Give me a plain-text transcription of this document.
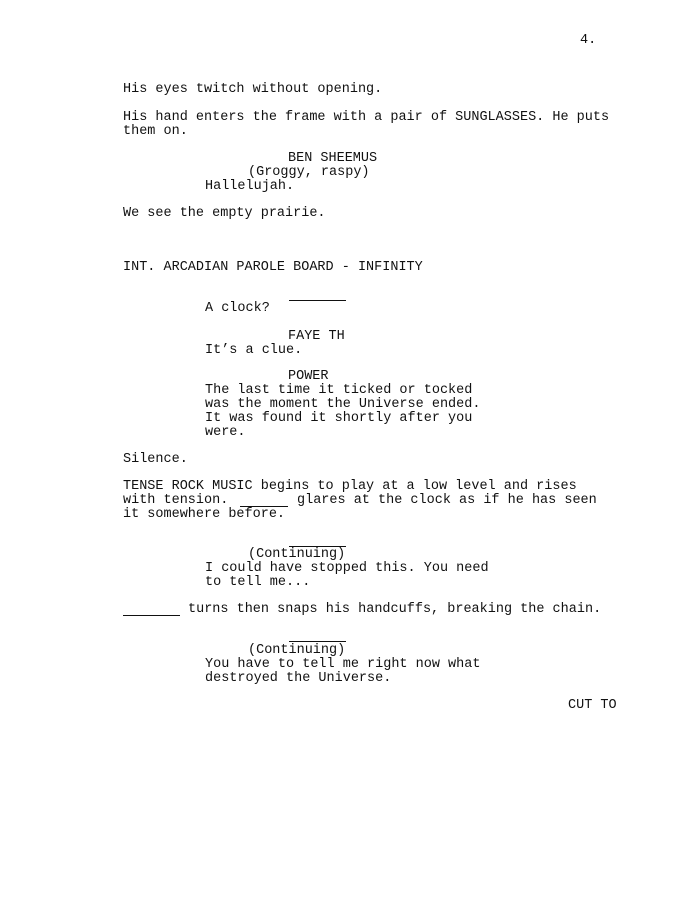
4.
His eyes twitch without opening.
His hand enters the frame with a pair of SUNGLASSES. He puts
them on.
BEN SHEEMUS
(Groggy, raspy)
Hallelujah.
We see the empty prairie.
INT. ARCADIAN PAROLE BOARD - INFINITY
A clock?
FAYE TH
It’s a clue.
POWER
The last time it ticked or tocked
was the moment the Universe ended.
It was found it shortly after you
were.
Silence.
TENSE ROCK MUSIC begins to play at a low level and rises
with tension.	glares at the clock as if he has seen
it somewhere before.
(Continuing)
I could have stopped this. You need
to tell me...
turns then snaps his handcuffs, breaking the chain.
(Continuing)
You have to tell me right now what
destroyed the Universe.
CUT TO
